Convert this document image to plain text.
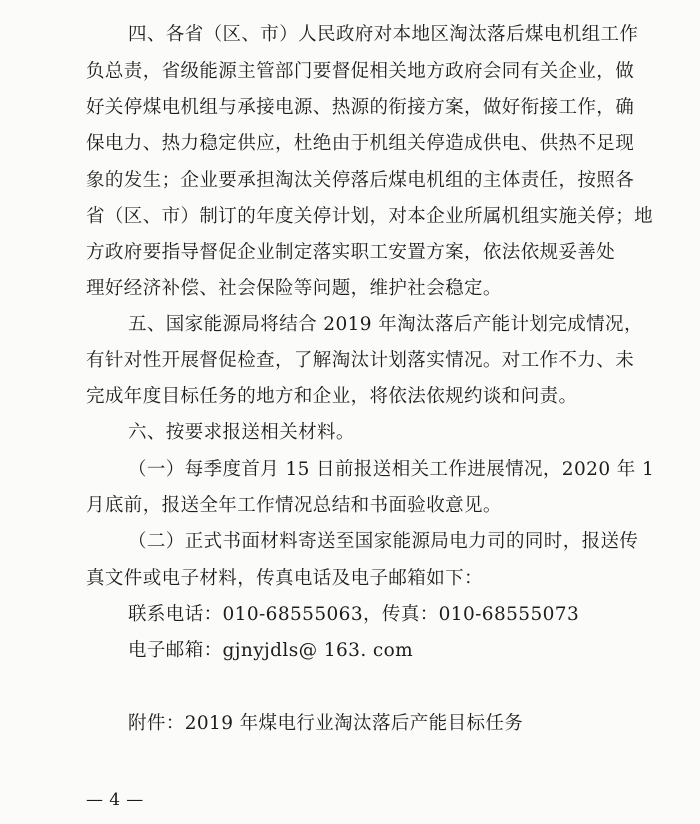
四、各省（区、市）人民政府对本地区淘汰落后煤电机组工作
负总责，省级能源主管部门要督促相关地方政府会同有关企业，做
好关停煤电机组与承接电源、热源的衔接方案，做好衔接工作，确
保电力、热力稳定供应，杜绝由于机组关停造成供电、供热不足现
象的发生；企业要承担淘汰关停落后煤电机组的主体责任，按照各
省（区、市）制订的年度关停计划，对本企业所属机组实施关停；地
方政府要指导督促企业制定落实职工安置方案，依法依规妥善处
理好经济补偿、社会保险等问题，维护社会稳定。
五、国家能源局将结合 2019 年淘汰落后产能计划完成情况，
有针对性开展督促检查，了解淘汰计划落实情况。对工作不力、未
完成年度目标任务的地方和企业，将依法依规约谈和问责。
六、按要求报送相关材料。
（一）每季度首月 15 日前报送相关工作进展情况，2020 年 1
月底前，报送全年工作情况总结和书面验收意见。
（二）正式书面材料寄送至国家能源局电力司的同时，报送传
真文件或电子材料，传真电话及电子邮箱如下：
联系电话：010-68555063，传真：010-68555073
电子邮箱：gjnyjdls@ 163. com
附件：2019 年煤电行业淘汰落后产能目标任务
— 4 —
